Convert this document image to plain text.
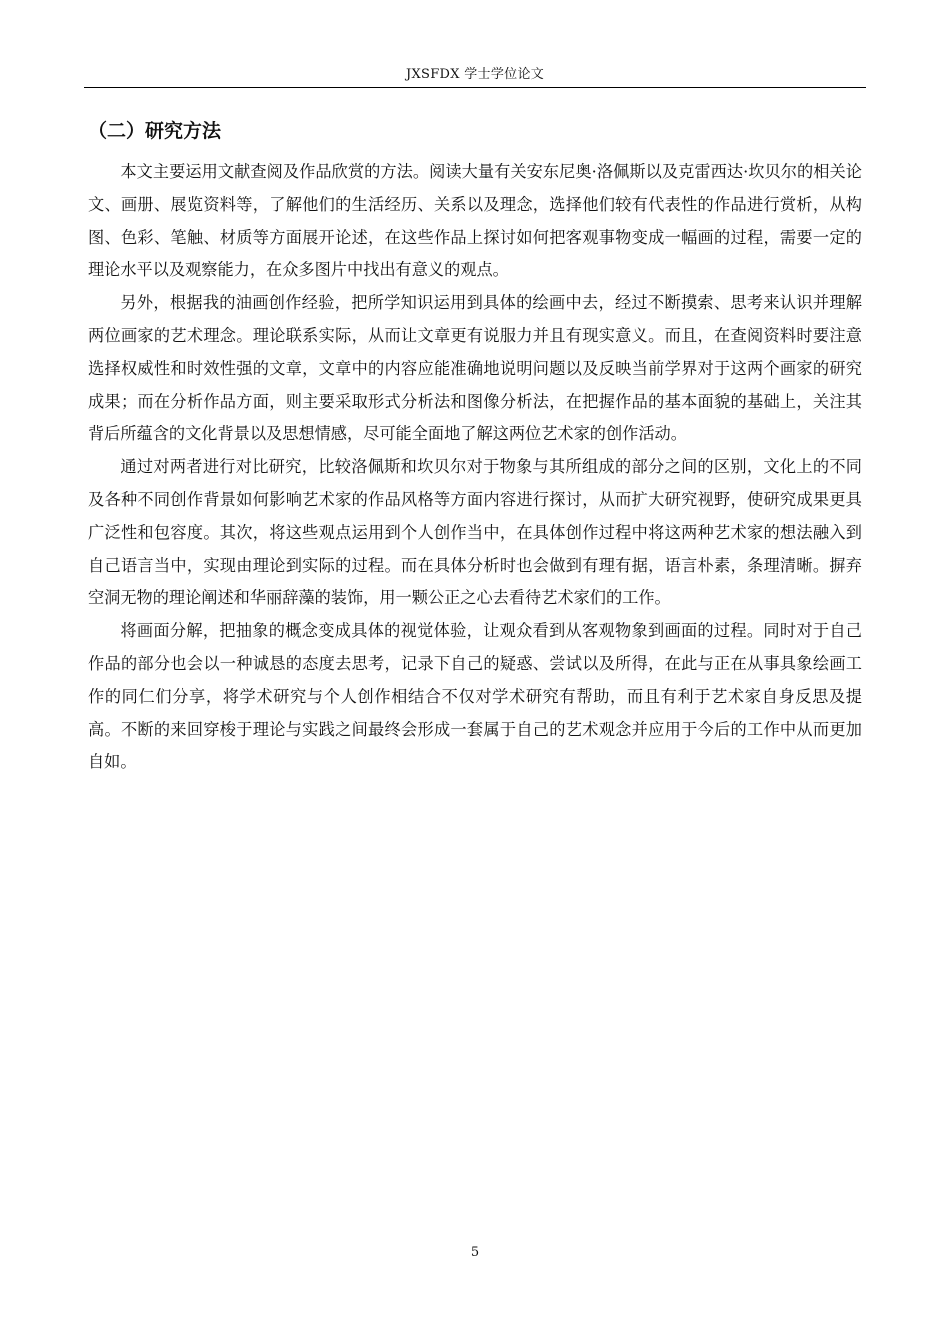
JXSFDX 学士学位论文
（二）研究方法

本文主要运用文献查阅及作品欣赏的方法。阅读大量有关安东尼奥·洛佩斯以及克雷西达·坎贝尔的相关论文、画册、展览资料等，了解他们的生活经历、关系以及理念，选择他们较有代表性的作品进行赏析，从构图、色彩、笔触、材质等方面展开论述，在这些作品上探讨如何把客观事物变成一幅画的过程，需要一定的理论水平以及观察能力，在众多图片中找出有意义的观点。

另外，根据我的油画创作经验，把所学知识运用到具体的绘画中去，经过不断摸索、思考来认识并理解两位画家的艺术理念。理论联系实际，从而让文章更有说服力并且有现实意义。而且，在查阅资料时要注意选择权威性和时效性强的文章，文章中的内容应能准确地说明问题以及反映当前学界对于这两个画家的研究成果；而在分析作品方面，则主要采取形式分析法和图像分析法，在把握作品的基本面貌的基础上，关注其背后所蕴含的文化背景以及思想情感，尽可能全面地了解这两位艺术家的创作活动。

通过对两者进行对比研究，比较洛佩斯和坎贝尔对于物象与其所组成的部分之间的区别，文化上的不同及各种不同创作背景如何影响艺术家的作品风格等方面内容进行探讨，从而扩大研究视野，使研究成果更具广泛性和包容度。其次，将这些观点运用到个人创作当中，在具体创作过程中将这两种艺术家的想法融入到自己语言当中，实现由理论到实际的过程。而在具体分析时也会做到有理有据，语言朴素，条理清晰。摒弃空洞无物的理论阐述和华丽辞藻的装饰，用一颗公正之心去看待艺术家们的工作。

将画面分解，把抽象的概念变成具体的视觉体验，让观众看到从客观物象到画面的过程。同时对于自己作品的部分也会以一种诚恳的态度去思考，记录下自己的疑惑、尝试以及所得，在此与正在从事具象绘画工作的同仁们分享，将学术研究与个人创作相结合不仅对学术研究有帮助，而且有利于艺术家自身反思及提高。不断的来回穿梭于理论与实践之间最终会形成一套属于自己的艺术观念并应用于今后的工作中从而更加自如。

5
